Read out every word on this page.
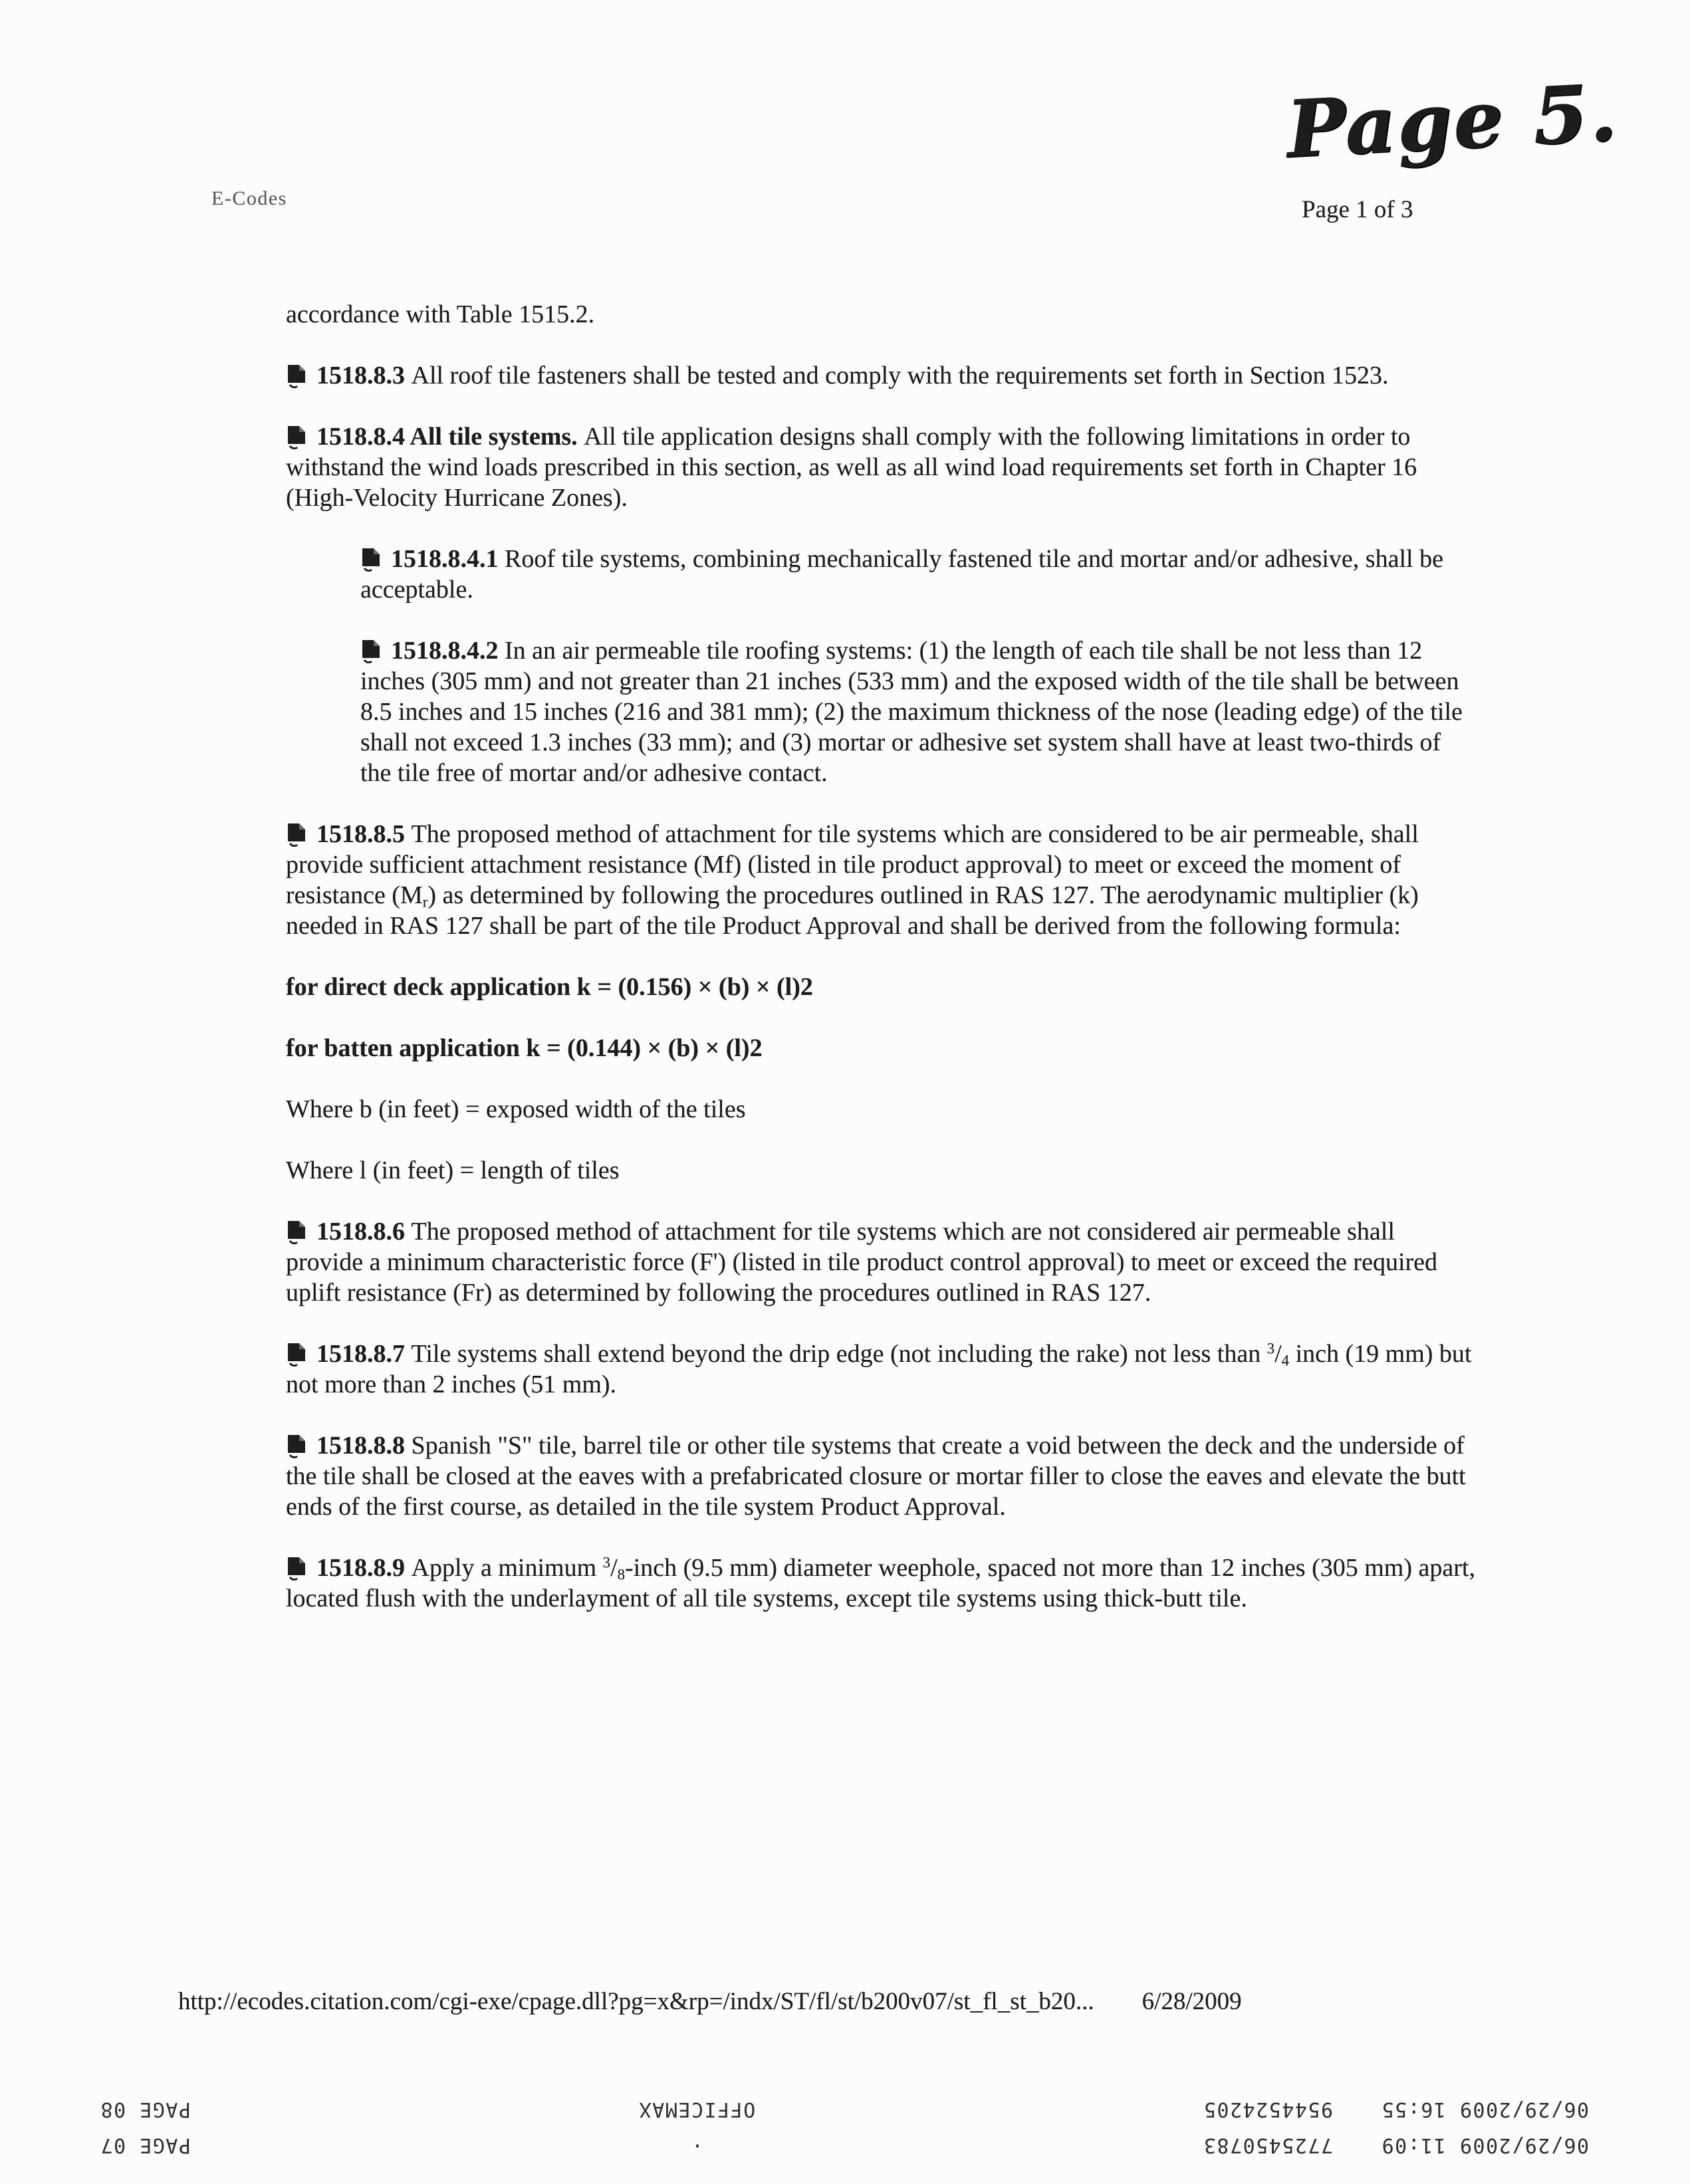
E-Codes
Page 5.
Page 1 of 3
accordance with Table 1515.2.
1518.8.3 All roof tile fasteners shall be tested and comply with the requirements set forth in Section 1523.
1518.8.4 All tile systems. All tile application designs shall comply with the following limitations in order to withstand the wind loads prescribed in this section, as well as all wind load requirements set forth in Chapter 16 (High-Velocity Hurricane Zones).
1518.8.4.1 Roof tile systems, combining mechanically fastened tile and mortar and/or adhesive, shall be acceptable.
1518.8.4.2 In an air permeable tile roofing systems: (1) the length of each tile shall be not less than 12 inches (305 mm) and not greater than 21 inches (533 mm) and the exposed width of the tile shall be between 8.5 inches and 15 inches (216 and 381 mm); (2) the maximum thickness of the nose (leading edge) of the tile shall not exceed 1.3 inches (33 mm); and (3) mortar or adhesive set system shall have at least two-thirds of the tile free of mortar and/or adhesive contact.
1518.8.5 The proposed method of attachment for tile systems which are considered to be air permeable, shall provide sufficient attachment resistance (Mf) (listed in tile product approval) to meet or exceed the moment of resistance $(M_r)$ as determined by following the procedures outlined in RAS 127. The aerodynamic multiplier (k) needed in RAS 127 shall be part of the tile Product Approval and shall be derived from the following formula:
for direct deck application k = (0.156) × (b) × (l)2
for batten application k = (0.144) × (b) × (l)2
Where b (in feet) = exposed width of the tiles
Where l (in feet) = length of tiles
1518.8.6 The proposed method of attachment for tile systems which are not considered air permeable shall provide a minimum characteristic force (F') (listed in tile product control approval) to meet or exceed the required uplift resistance (Fr) as determined by following the procedures outlined in RAS 127.
1518.8.7 Tile systems shall extend beyond the drip edge (not including the rake) not less than $^3/_4$ inch (19 mm) but not more than 2 inches (51 mm).
1518.8.8 Spanish "S" tile, barrel tile or other tile systems that create a void between the deck and the underside of the tile shall be closed at the eaves with a prefabricated closure or mortar filler to close the eaves and elevate the butt ends of the first course, as detailed in the tile system Product Approval.
1518.8.9 Apply a minimum $^3/_8$-inch (9.5 mm) diameter weephole, spaced not more than 12 inches (305 mm) apart, located flush with the underlayment of all tile systems, except tile systems using thick-butt tile.
http://ecodes.citation.com/cgi-exe/cpage.dll?pg=x&rp=/indx/ST/fl/st/b200v07/st_fl_st_b20... 6/28/2009
06/29/2009 16:55
9544524205
OFFICEMAX
PAGE 08
06/29/2009 11:09
7725450783
·
PAGE 07
